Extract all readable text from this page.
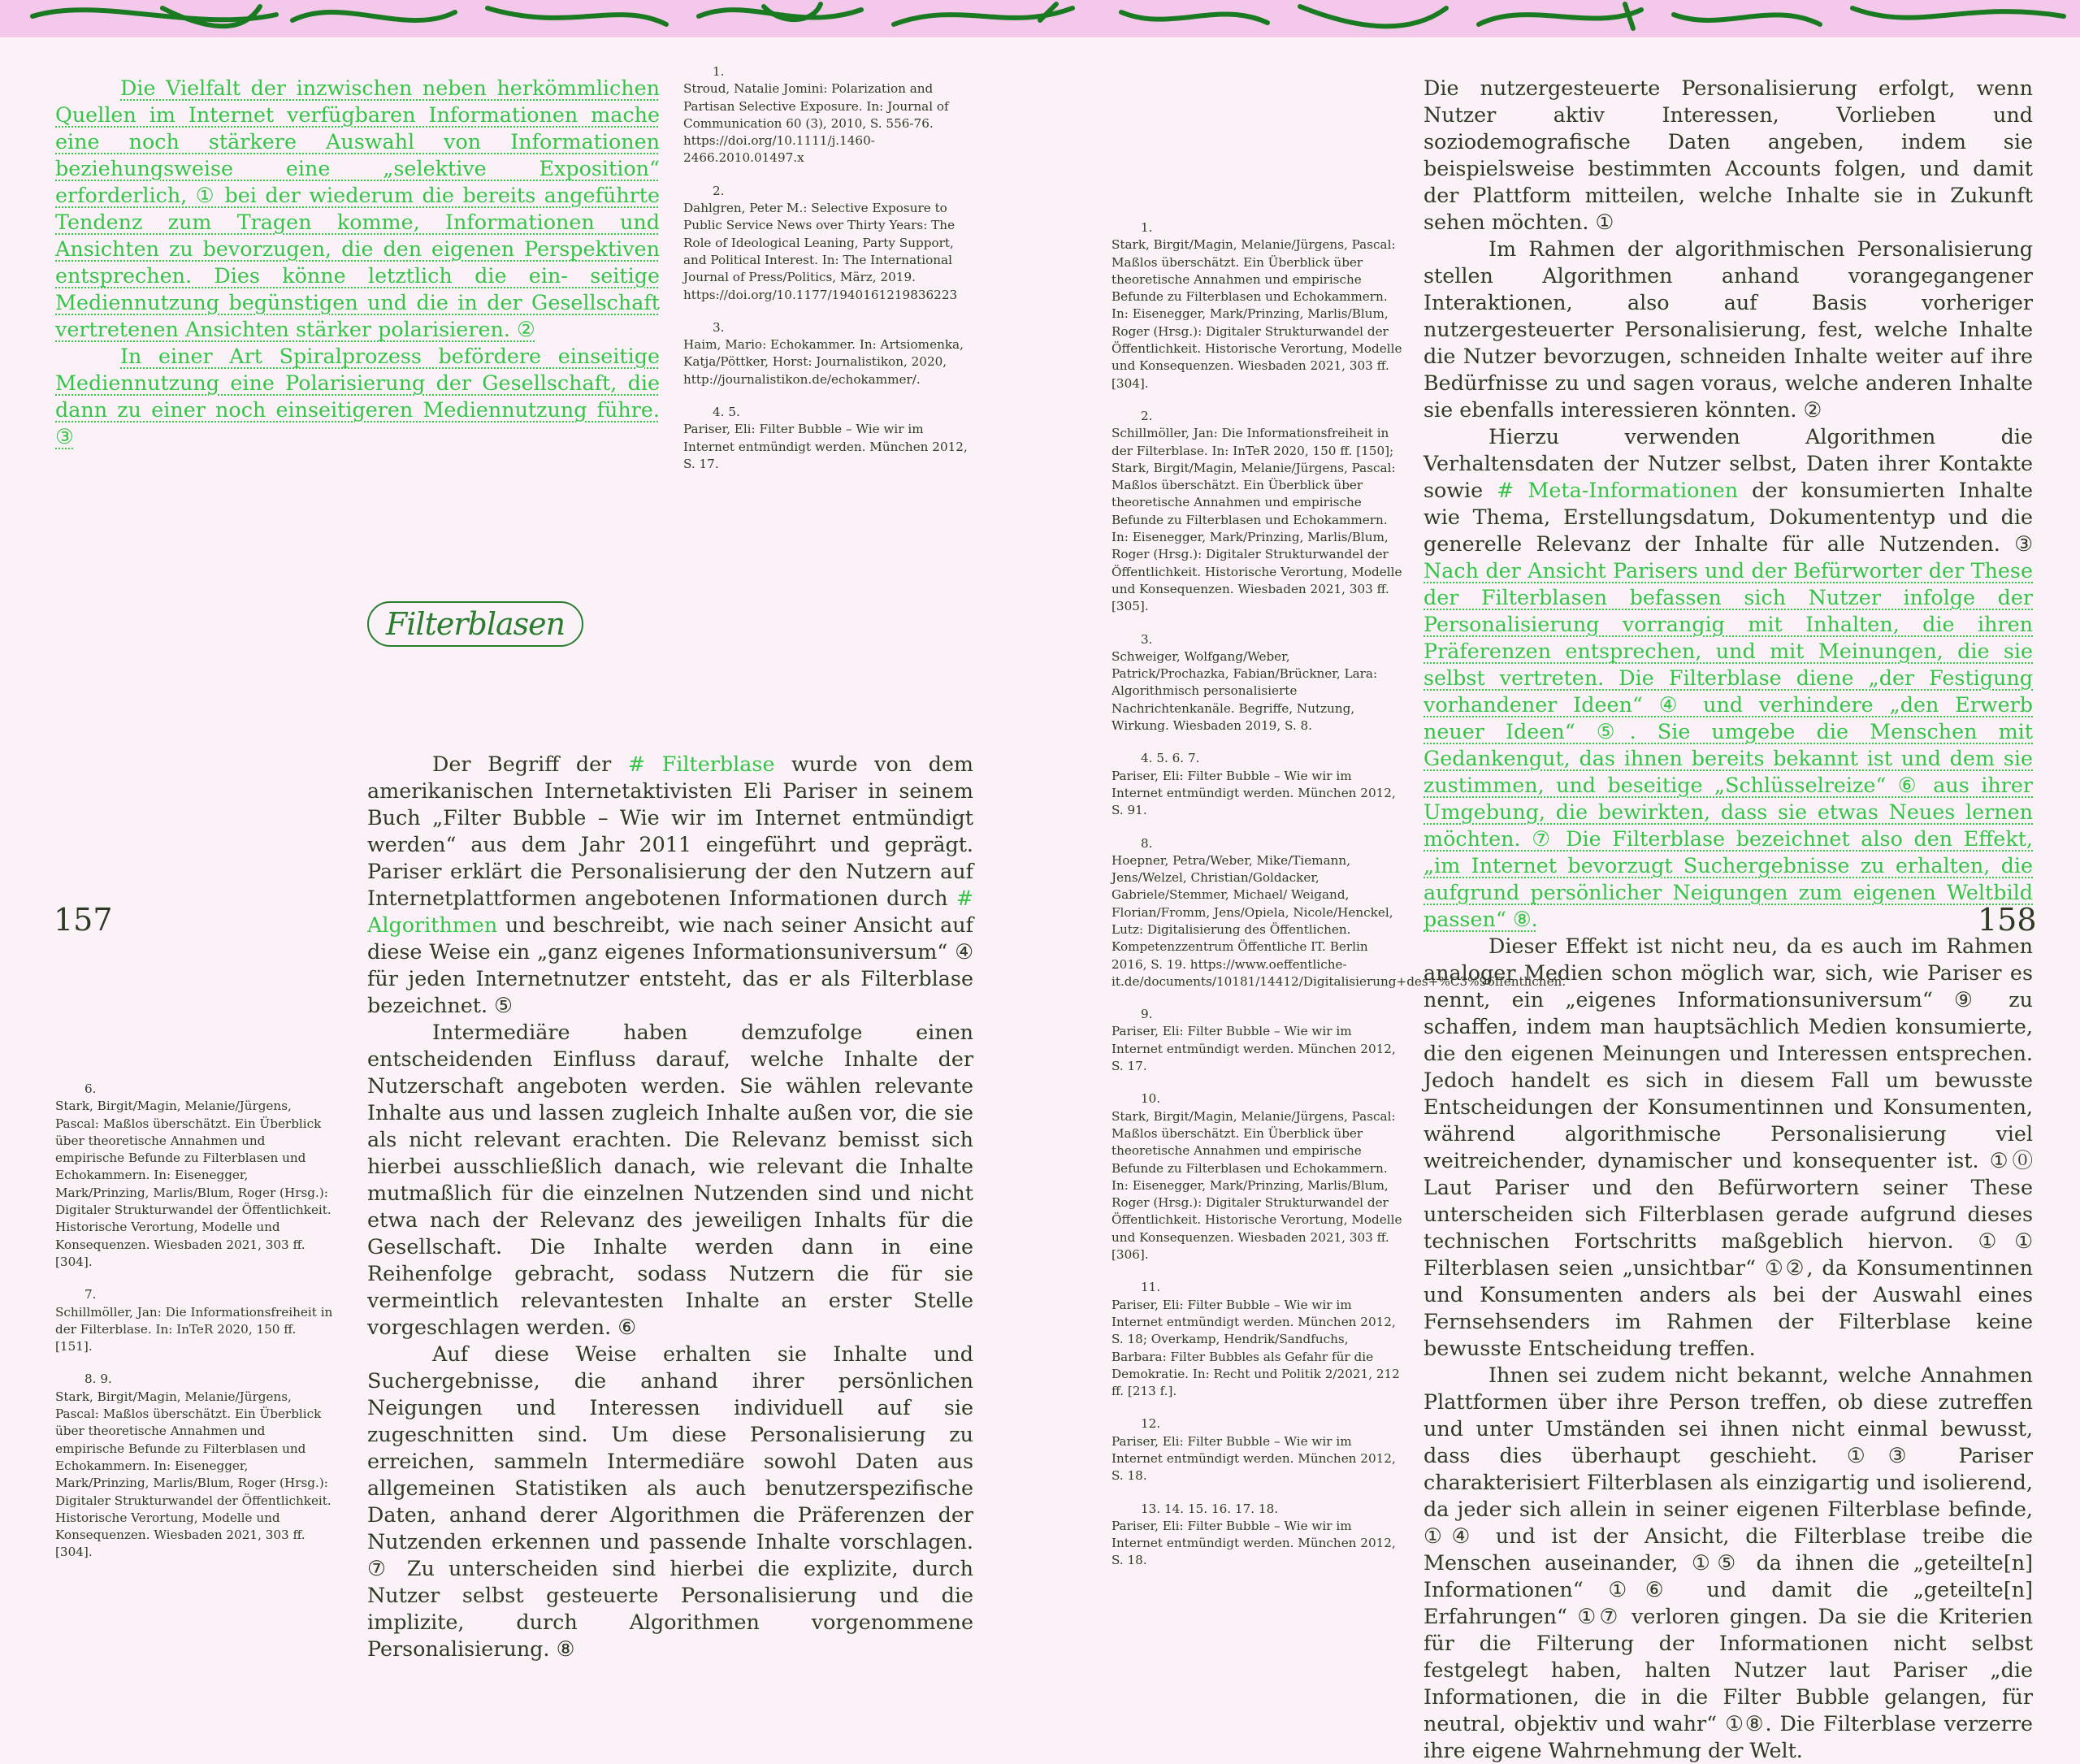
Die Vielfalt der inzwischen neben herkömmlichen Quellen im Internet verfügbaren Informationen mache eine noch stärkere Auswahl von Informationen beziehungsweise eine „selektive Exposition“ erforderlich, ① bei der wiederum die bereits angeführte Tendenz zum Tragen komme, Informationen und Ansichten zu bevorzugen, die den eigenen Perspektiven entsprechen. Dies könne letztlich die ein- seitige Mediennutzung begünstigen und die in der Gesellschaft vertretenen Ansichten stärker polarisieren. ②

In einer Art Spiralprozess befördere einseitige Mediennutzung eine Polarisierung der Gesellschaft, die dann zu einer noch einseitigeren Mediennutzung führe. ③

1.
Stroud, Natalie Jomini: Polarization and Partisan Selective Exposure. In: Journal of Communication 60 (3), 2010, S. 556-76. https://doi.org/10.1111/j.1460-2466.2010.01497.x
2.
Dahlgren, Peter M.: Selective Exposure to Public Service News over Thirty Years: The Role of Ideological Leaning, Party Support, and Political Interest. In: The International Journal of Press/Politics, März, 2019. https://doi.org/10.1177/1940161219836223
3.
Haim, Mario: Echokammer. In: Artsiomenka, Katja/Pöttker, Horst: Journalistikon, 2020, http://journalistikon.de/echokammer/.
4. 5.
Pariser, Eli: Filter Bubble – Wie wir im Internet entmündigt werden. München 2012, S. 17.
Filterblasen
157	158

Der Begriff der # Filterblase wurde von dem amerikanischen Internetaktivisten Eli Pariser in seinem Buch „Filter Bubble – Wie wir im Internet entmündigt werden“ aus dem Jahr 2011 eingeführt und geprägt. Pariser erklärt die Personalisierung der den Nutzern auf Internetplattformen angebotenen Informationen durch # Algorithmen und beschreibt, wie nach seiner Ansicht auf diese Weise ein „ganz eigenes Informationsuniversum“ ④ für jeden Internetnutzer entsteht, das er als Filterblase bezeichnet. ⑤

Intermediäre haben demzufolge einen entscheidenden Einfluss darauf, welche Inhalte der Nutzerschaft angeboten werden. Sie wählen relevante Inhalte aus und lassen zugleich Inhalte außen vor, die sie als nicht relevant erachten. Die Relevanz bemisst sich hierbei ausschließlich danach, wie relevant die Inhalte mutmaßlich für die einzelnen Nutzenden sind und nicht etwa nach der Relevanz des jeweiligen Inhalts für die Gesellschaft. Die Inhalte werden dann in eine Reihenfolge gebracht, sodass Nutzern die für sie vermeintlich relevantesten Inhalte an erster Stelle vorgeschlagen werden. ⑥

Auf diese Weise erhalten sie Inhalte und Suchergebnisse, die anhand ihrer persönlichen Neigungen und Interessen individuell auf sie zugeschnitten sind. Um diese Personalisierung zu erreichen, sammeln Intermediäre sowohl Daten aus allgemeinen Statistiken als auch benutzerspezifische Daten, anhand derer Algorithmen die Präferenzen der Nutzenden erkennen und passende Inhalte vorschlagen. ⑦ Zu unterscheiden sind hierbei die explizite, durch Nutzer selbst gesteuerte Personalisierung und die implizite, durch Algorithmen vorgenommene Personalisierung. ⑧

6.
Stark, Birgit/Magin, Melanie/Jürgens, Pascal: Maßlos überschätzt. Ein Überblick über theoretische Annahmen und empirische Befunde zu Filterblasen und Echokammern. In: Eisenegger, Mark/Prinzing, Marlis/Blum, Roger (Hrsg.): Digitaler Strukturwandel der Öffentlichkeit. Historische Verortung, Modelle und Konsequenzen. Wiesbaden 2021, 303 ff. [304].
7.
Schillmöller, Jan: Die Informationsfreiheit in der Filterblase. In: InTeR 2020, 150 ff. [151].
8. 9.
Stark, Birgit/Magin, Melanie/Jürgens, Pascal: Maßlos überschätzt. Ein Überblick über theoretische Annahmen und empirische Befunde zu Filterblasen und Echokammern. In: Eisenegger, Mark/Prinzing, Marlis/Blum, Roger (Hrsg.): Digitaler Strukturwandel der Öffentlichkeit. Historische Verortung, Modelle und Konsequenzen. Wiesbaden 2021, 303 ff. [304].
1.
Stark, Birgit/Magin, Melanie/Jürgens, Pascal: Maßlos überschätzt. Ein Überblick über theoretische Annahmen und empirische Befunde zu Filterblasen und Echokammern. In: Eisenegger, Mark/Prinzing, Marlis/Blum, Roger (Hrsg.): Digitaler Strukturwandel der Öffentlichkeit. Historische Verortung, Modelle und Konsequenzen. Wiesbaden 2021, 303 ff. [304].
2.
Schillmöller, Jan: Die Informationsfreiheit in der Filterblase. In: InTeR 2020, 150 ff. [150]; Stark, Birgit/Magin, Melanie/Jürgens, Pascal: Maßlos überschätzt. Ein Überblick über theoretische Annahmen und empirische Befunde zu Filterblasen und Echokammern. In: Eisenegger, Mark/Prinzing, Marlis/Blum, Roger (Hrsg.): Digitaler Strukturwandel der Öffentlichkeit. Historische Verortung, Modelle und Konsequenzen. Wiesbaden 2021, 303 ff. [305].
3.
Schweiger, Wolfgang/Weber, Patrick/Prochazka, Fabian/Brückner, Lara: Algorithmisch personalisierte Nachrichtenkanäle. Begriffe, Nutzung, Wirkung. Wiesbaden 2019, S. 8.
4. 5. 6. 7.
Pariser, Eli: Filter Bubble – Wie wir im Internet entmündigt werden. München 2012, S. 91.
8.
Hoepner, Petra/Weber, Mike/Tiemann, Jens/Welzel, Christian/Goldacker, Gabriele/Stemmer, Michael/ Weigand, Florian/Fromm, Jens/Opiela, Nicole/Henckel, Lutz: Digitalisierung des Öffentlichen. Kompetenzzentrum Öffentliche IT. Berlin 2016, S. 19. https://www.oeffentliche-it.de/documents/10181/14412/Digitalisierung+des+%C3%96ffentlichen.
9.
Pariser, Eli: Filter Bubble – Wie wir im Internet entmündigt werden. München 2012, S. 17.
10.
Stark, Birgit/Magin, Melanie/Jürgens, Pascal: Maßlos überschätzt. Ein Überblick über theoretische Annahmen und empirische Befunde zu Filterblasen und Echokammern. In: Eisenegger, Mark/Prinzing, Marlis/Blum, Roger (Hrsg.): Digitaler Strukturwandel der Öffentlichkeit. Historische Verortung, Modelle und Konsequenzen. Wiesbaden 2021, 303 ff. [306].
11.
Pariser, Eli: Filter Bubble – Wie wir im Internet entmündigt werden. München 2012, S. 18; Overkamp, Hendrik/Sandfuchs, Barbara: Filter Bubbles als Gefahr für die Demokratie. In: Recht und Politik 2/2021, 212 ff. [213 f.].
12.
Pariser, Eli: Filter Bubble – Wie wir im Internet entmündigt werden. München 2012, S. 18.
13. 14. 15. 16. 17. 18.
Pariser, Eli: Filter Bubble – Wie wir im Internet entmündigt werden. München 2012, S. 18.

Die nutzergesteuerte Personalisierung erfolgt, wenn Nutzer aktiv Interessen, Vorlieben und soziodemografische Daten angeben, indem sie beispielsweise bestimmten Accounts folgen, und damit der Plattform mitteilen, welche Inhalte sie in Zukunft sehen möchten. ①

Im Rahmen der algorithmischen Personalisierung stellen Algorithmen anhand vorangegangener Interaktionen, also auf Basis vorheriger nutzergesteuerter Personalisierung, fest, welche Inhalte die Nutzer bevorzugen, schneiden Inhalte weiter auf ihre Bedürfnisse zu und sagen voraus, welche anderen Inhalte sie ebenfalls interessieren könnten. ②

Hierzu verwenden Algorithmen die Verhaltensdaten der Nutzer selbst, Daten ihrer Kontakte sowie # Meta-Informationen der konsumierten Inhalte wie Thema, Erstellungsdatum, Dokumententyp und die generelle Relevanz der Inhalte für alle Nutzenden. ③ Nach der Ansicht Parisers und der Befürworter der These der Filterblasen befassen sich Nutzer infolge der Personalisierung vorrangig mit Inhalten, die ihren Präferenzen entsprechen, und mit Meinungen, die sie selbst vertreten. Die Filterblase diene „der Festigung vorhandener Ideen“ ④ und verhindere „den Erwerb neuer Ideen“ ⑤. Sie umgebe die Menschen mit Gedankengut, das ihnen bereits bekannt ist und dem sie zustimmen, und beseitige „Schlüsselreize“ ⑥ aus ihrer Umgebung, die bewirkten, dass sie etwas Neues lernen möchten. ⑦ Die Filterblase bezeichnet also den Effekt, „im Internet bevorzugt Suchergebnisse zu erhalten, die aufgrund persönlicher Neigungen zum eigenen Weltbild passen“ ⑧.

Dieser Effekt ist nicht neu, da es auch im Rahmen analoger Medien schon möglich war, sich, wie Pariser es nennt, ein „eigenes Informationsuniversum“ ⑨ zu schaffen, indem man hauptsächlich Medien konsumierte, die den eigenen Meinungen und Interessen entsprechen. Jedoch handelt es sich in diesem Fall um bewusste Entscheidungen der Konsumentinnen und Konsumenten, während algorithmische Personalisierung viel weitreichender, dynamischer und konsequenter ist. ①⓪ Laut Pariser und den Befürwortern seiner These unterscheiden sich Filterblasen gerade aufgrund dieses technischen Fortschritts maßgeblich hiervon. ①① Filterblasen seien „unsichtbar“ ①②, da Konsumentinnen und Konsumenten anders als bei der Auswahl eines Fernsehsenders im Rahmen der Filterblase keine bewusste Entscheidung treffen.

Ihnen sei zudem nicht bekannt, welche Annahmen Plattformen über ihre Person treffen, ob diese zutreffen und unter Umständen sei ihnen nicht einmal bewusst, dass dies überhaupt geschieht. ①③ Pariser charakterisiert Filterblasen als einzigartig und isolierend, da jeder sich allein in seiner eigenen Filterblase befinde, ①④ und ist der Ansicht, die Filterblase treibe die Menschen auseinander, ①⑤ da ihnen die „geteilte[n] Informationen“ ①⑥ und damit die „geteilte[n] Erfahrungen“ ①⑦ verloren gingen. Da sie die Kriterien für die Filterung der Informationen nicht selbst festgelegt haben, halten Nutzer laut Pariser „die Informationen, die in die Filter Bubble gelangen, für neutral, objektiv und wahr“ ①⑧. Die Filterblase verzerre ihre eigene Wahrnehmung der Welt.
